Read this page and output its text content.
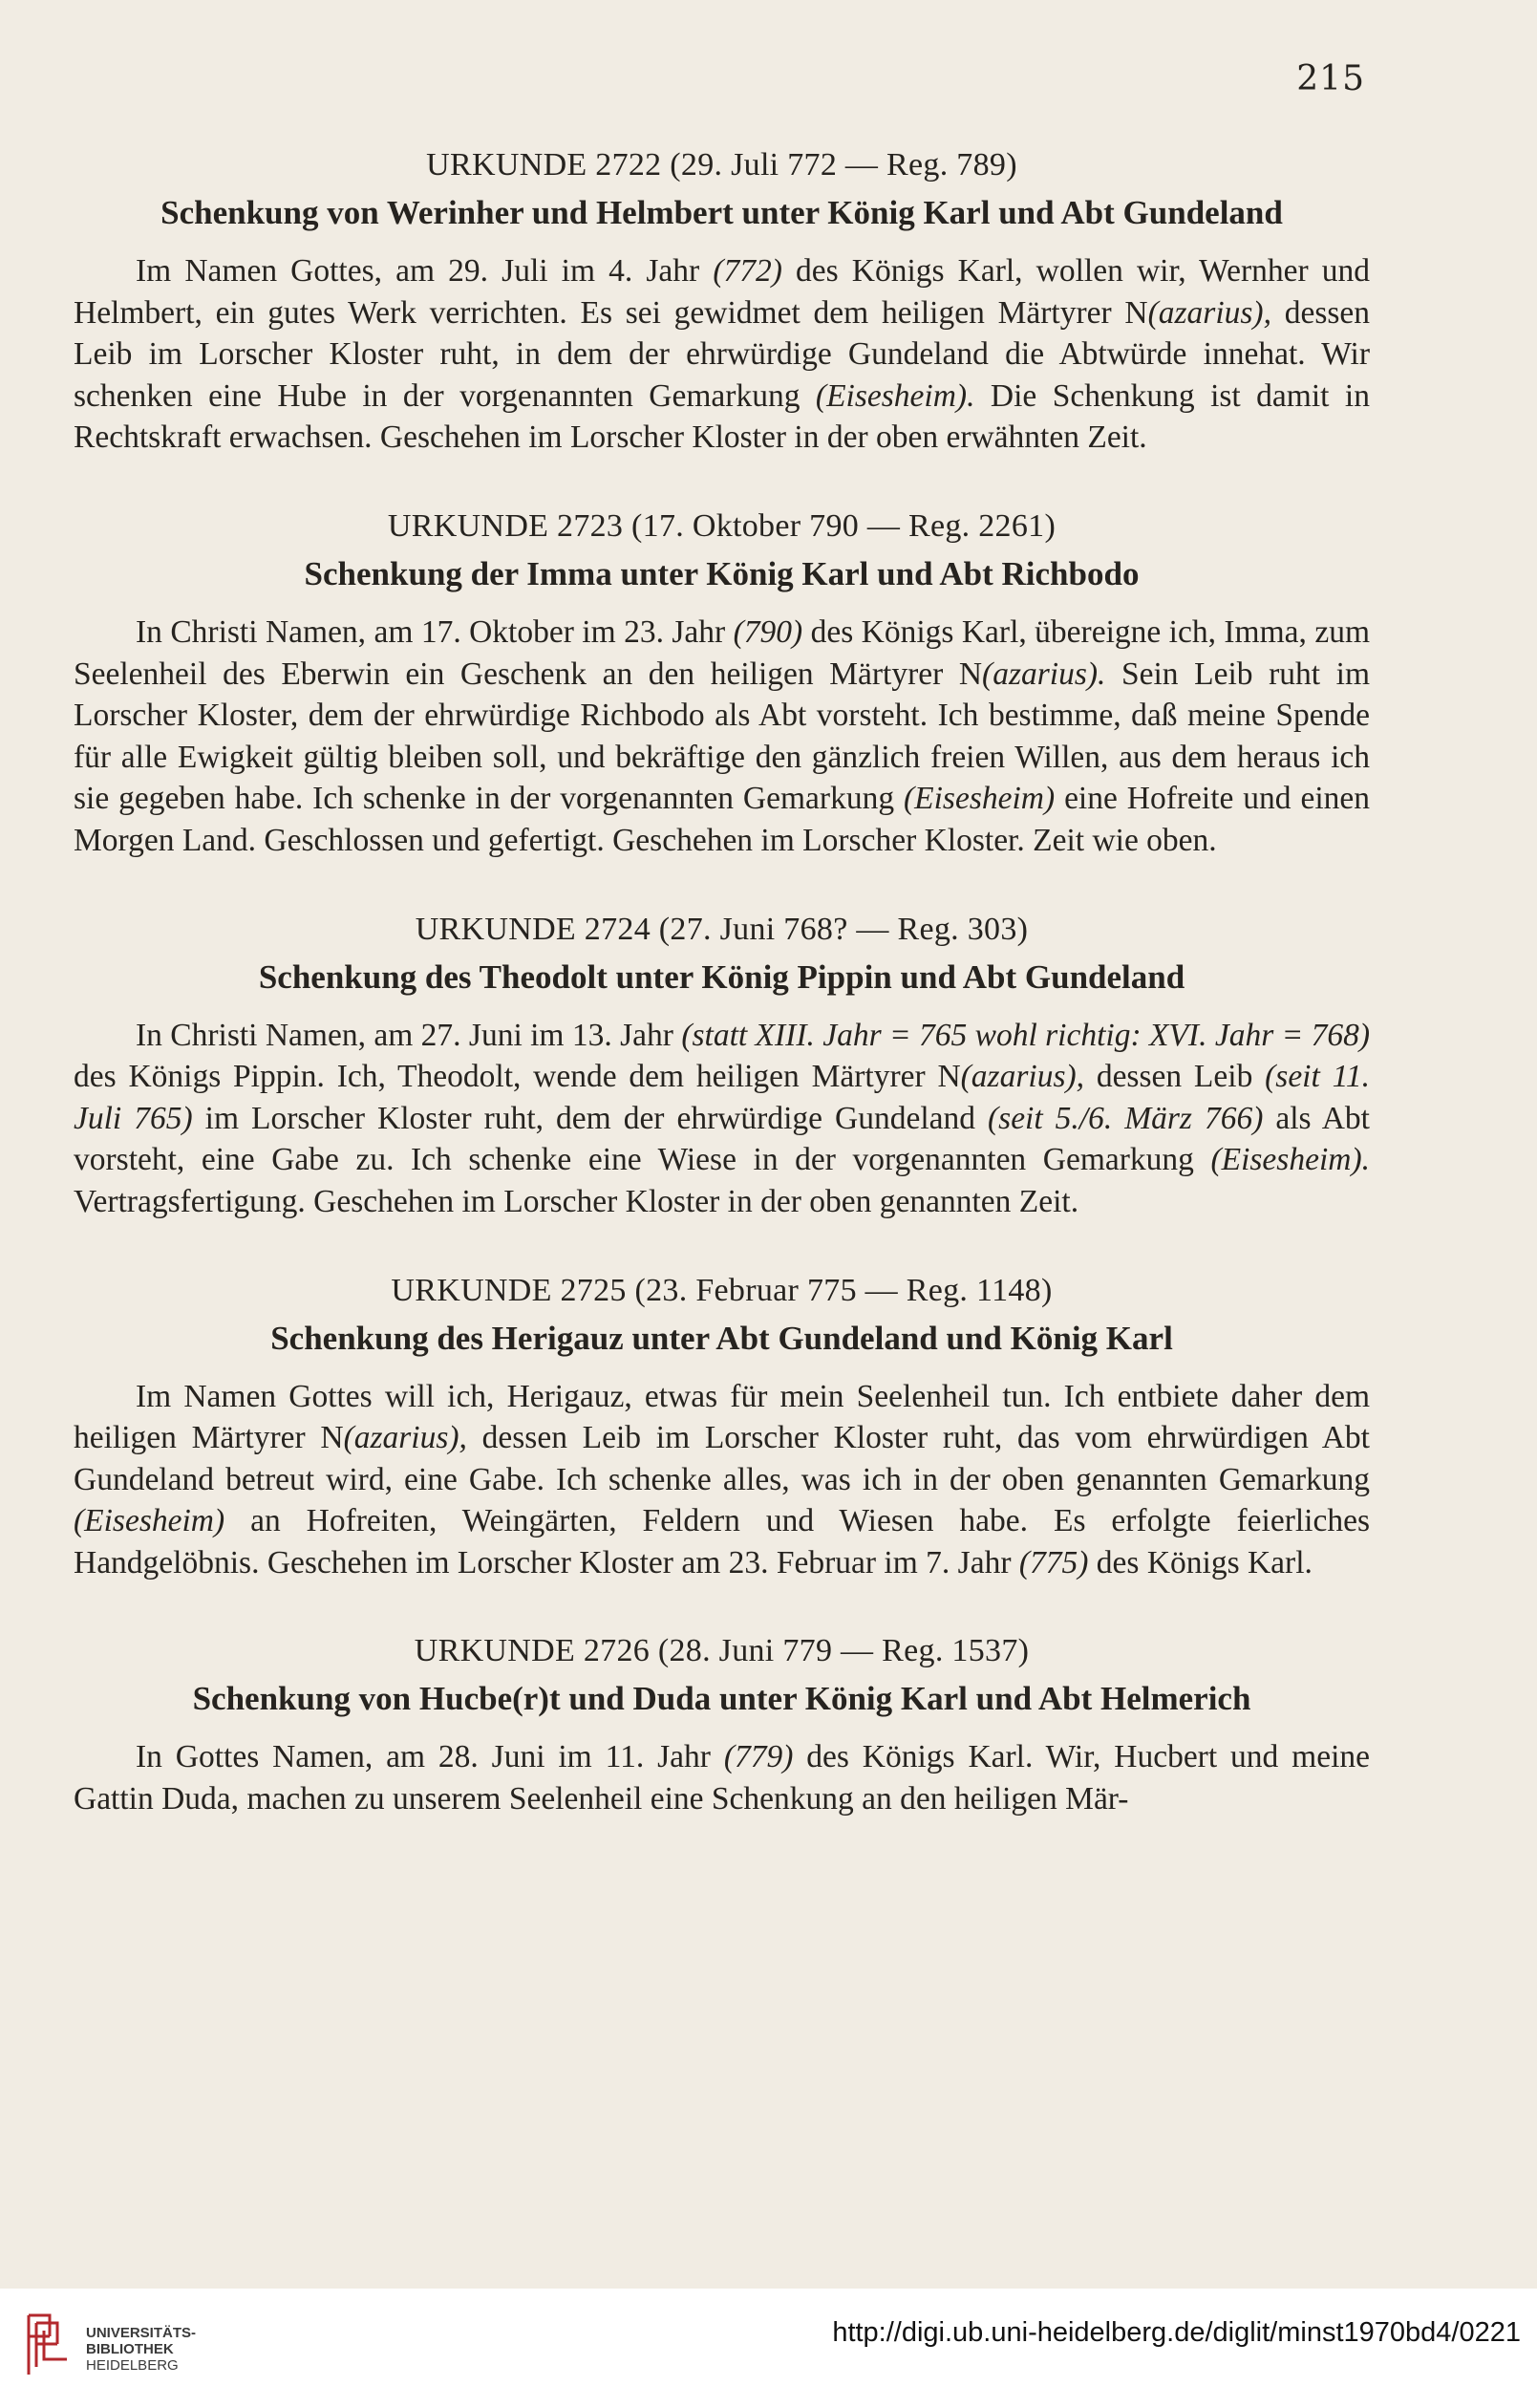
215
URKUNDE 2722 (29. Juli 772 — Reg. 789)
Schenkung von Werinher und Helmbert unter König Karl und Abt Gundeland

Im Namen Gottes, am 29. Juli im 4. Jahr (772) des Königs Karl, wollen wir, Wernher und Helmbert, ein gutes Werk verrichten. Es sei gewidmet dem heiligen Märtyrer N(azarius), dessen Leib im Lorscher Kloster ruht, in dem der ehrwürdige Gundeland die Abtwürde innehat. Wir schenken eine Hube in der vorgenannten Gemarkung (Eisesheim). Die Schenkung ist damit in Rechtskraft erwachsen. Geschehen im Lorscher Kloster in der oben erwähnten Zeit.

URKUNDE 2723 (17. Oktober 790 — Reg. 2261)
Schenkung der Imma unter König Karl und Abt Richbodo

In Christi Namen, am 17. Oktober im 23. Jahr (790) des Königs Karl, übereigne ich, Imma, zum Seelenheil des Eberwin ein Geschenk an den heiligen Märtyrer N(azarius). Sein Leib ruht im Lorscher Kloster, dem der ehrwürdige Richbodo als Abt vorsteht. Ich bestimme, daß meine Spende für alle Ewigkeit gültig bleiben soll, und bekräftige den gänzlich freien Willen, aus dem heraus ich sie gegeben habe. Ich schenke in der vorgenannten Gemarkung (Eisesheim) eine Hofreite und einen Morgen Land. Geschlossen und gefertigt. Geschehen im Lorscher Kloster. Zeit wie oben.

URKUNDE 2724 (27. Juni 768? — Reg. 303)
Schenkung des Theodolt unter König Pippin und Abt Gundeland

In Christi Namen, am 27. Juni im 13. Jahr (statt XIII. Jahr = 765 wohl richtig: XVI. Jahr = 768) des Königs Pippin. Ich, Theodolt, wende dem heiligen Märtyrer N(azarius), dessen Leib (seit 11. Juli 765) im Lorscher Kloster ruht, dem der ehrwürdige Gundeland (seit 5./6. März 766) als Abt vorsteht, eine Gabe zu. Ich schenke eine Wiese in der vorgenannten Gemarkung (Eisesheim). Vertragsfertigung. Geschehen im Lorscher Kloster in der oben genannten Zeit.

URKUNDE 2725 (23. Februar 775 — Reg. 1148)
Schenkung des Herigauz unter Abt Gundeland und König Karl

Im Namen Gottes will ich, Herigauz, etwas für mein Seelenheil tun. Ich entbiete daher dem heiligen Märtyrer N(azarius), dessen Leib im Lorscher Kloster ruht, das vom ehrwürdigen Abt Gundeland betreut wird, eine Gabe. Ich schenke alles, was ich in der oben genannten Gemarkung (Eisesheim) an Hofreiten, Weingärten, Feldern und Wiesen habe. Es erfolgte feierliches Handgelöbnis. Geschehen im Lorscher Kloster am 23. Februar im 7. Jahr (775) des Königs Karl.

URKUNDE 2726 (28. Juni 779 — Reg. 1537)
Schenkung von Hucbe(r)t und Duda unter König Karl und Abt Helmerich

In Gottes Namen, am 28. Juni im 11. Jahr (779) des Königs Karl. Wir, Hucbert und meine Gattin Duda, machen zu unserem Seelenheil eine Schenkung an den heiligen Mär-

UNIVERSITÄTS-
BIBLIOTHEK
HEIDELBERG
http://digi.ub.uni-heidelberg.de/diglit/minst1970bd4/0221
